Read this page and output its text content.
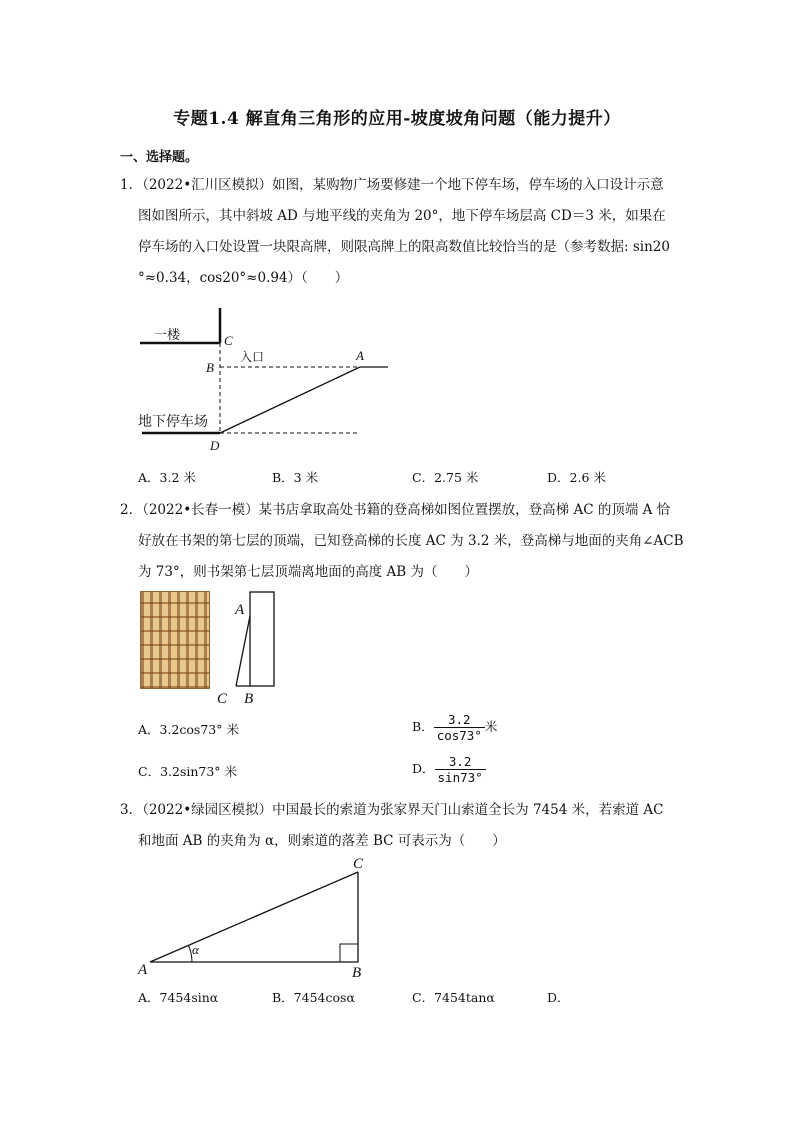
专题1.4 解直角三角形的应用-坡度坡角问题（能力提升）
一、选择题。
1．（2022•汇川区模拟）如图，某购物广场要修建一个地下停车场，停车场的入口设计示意
图如图所示，其中斜坡 AD 与地平线的夹角为 20°，地下停车场层高 CD＝3 米，如果在
停车场的入口处设置一块限高牌，则限高牌上的限高数值比较恰当的是（参考数据: sin20
°≈0.34，cos20°≈0.94）（　　）
一楼	C
入口
B
A
地下停车场
D
A．3.2 米	B．3 米	C．2.75 米	D．2.6 米
2．（2022•长春一模）某书店拿取高处书籍的登高梯如图位置摆放，登高梯 AC 的顶端 A 恰
好放在书架的第七层的顶端，已知登高梯的长度 AC 为 3.2 米，登高梯与地面的夹角∠ACB
为 73°，则书架第七层顶端离地面的高度 AB 为（　　）
A
C B
A．3.2cos73° 米	B． $\frac{3.2}{\cos 73^\circ}$ 米
C．3.2sin73° 米	D． $\frac{3.2}{\sin 73^\circ}$
3．（2022•绿园区模拟）中国最长的索道为张家界天门山索道全长为 7454 米，若索道 AC
和地面 AB 的夹角为 α，则索道的落差 BC 可表示为（　　）
A	B
C
α
A．7454sinα	B．7454cosα	C．7454tanα	D．
